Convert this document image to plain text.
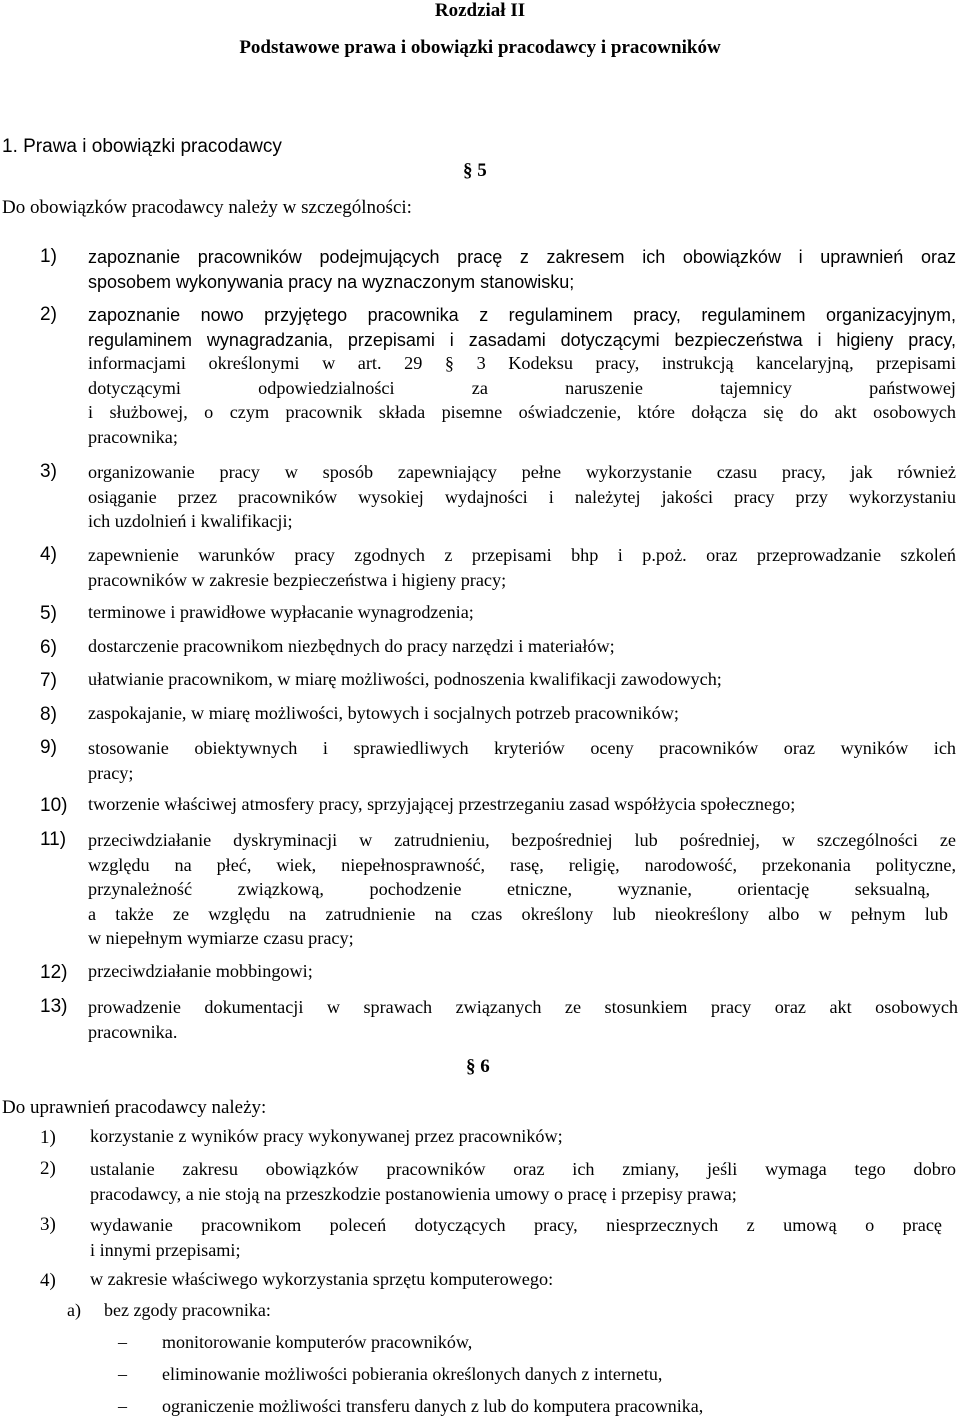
Rozdział II
Podstawowe prawa i obowiązki pracodawcy i pracowników
1. Prawa i obowiązki pracodawcy
§ 5
Do obowiązków pracodawcy należy w szczególności:
1) zapoznanie pracowników podejmujących pracę z zakresem ich obowiązków i uprawnień oraz
sposobem wykonywania pracy na wyznaczonym stanowisku;
2) zapoznanie nowo przyjętego pracownika z regulaminem pracy, regulaminem organizacyjnym,
regulaminem wynagradzania, przepisami i zasadami dotyczącymi bezpieczeństwa i higieny pracy,
informacjami określonymi w art. 29 § 3 Kodeksu pracy, instrukcją kancelaryjną, przepisami
dotyczącymi odpowiedzialności za naruszenie tajemnicy państwowej
i służbowej, o czym pracownik składa pisemne oświadczenie, które dołącza się do akt osobowych
pracownika;
3) organizowanie pracy w sposób zapewniający pełne wykorzystanie czasu pracy, jak również
osiąganie przez pracowników wysokiej wydajności i należytej jakości pracy przy wykorzystaniu
ich uzdolnień i kwalifikacji;
4) zapewnienie warunków pracy zgodnych z przepisami bhp i p.poż. oraz przeprowadzanie szkoleń
pracowników w zakresie bezpieczeństwa i higieny pracy;
5) terminowe i prawidłowe wypłacanie wynagrodzenia;
6) dostarczenie pracownikom niezbędnych do pracy narzędzi i materiałów;
7) ułatwianie pracownikom, w miarę możliwości, podnoszenia kwalifikacji zawodowych;
8) zaspokajanie, w miarę możliwości, bytowych i socjalnych potrzeb pracowników;
9) stosowanie obiektywnych i sprawiedliwych kryteriów oceny pracowników oraz wyników ich
pracy;
10) tworzenie właściwej atmosfery pracy, sprzyjającej przestrzeganiu zasad współżycia społecznego;
11) przeciwdziałanie dyskryminacji w zatrudnieniu, bezpośredniej lub pośredniej, w szczególności ze
względu na płeć, wiek, niepełnosprawność, rasę, religię, narodowość, przekonania polityczne,
przynależność związkową, pochodzenie etniczne, wyznanie, orientację seksualną,
a także ze względu na zatrudnienie na czas określony lub nieokreślony albo w pełnym lub
w niepełnym wymiarze czasu pracy;
12) przeciwdziałanie mobbingowi;
13) prowadzenie dokumentacji w sprawach związanych ze stosunkiem pracy oraz akt osobowych
pracownika.
§ 6
Do uprawnień pracodawcy należy:
1) korzystanie z wyników pracy wykonywanej przez pracowników;
2) ustalanie zakresu obowiązków pracowników oraz ich zmiany, jeśli wymaga tego dobro
pracodawcy, a nie stoją na przeszkodzie postanowienia umowy o pracę i przepisy prawa;
3) wydawanie pracownikom poleceń dotyczących pracy, niesprzecznych z umową o pracę
i innymi przepisami;
4) w zakresie właściwego wykorzystania sprzętu komputerowego:
a) bez zgody pracownika:
– monitorowanie komputerów pracowników,
– eliminowanie możliwości pobierania określonych danych z internetu,
– ograniczenie możliwości transferu danych z lub do komputera pracownika,
